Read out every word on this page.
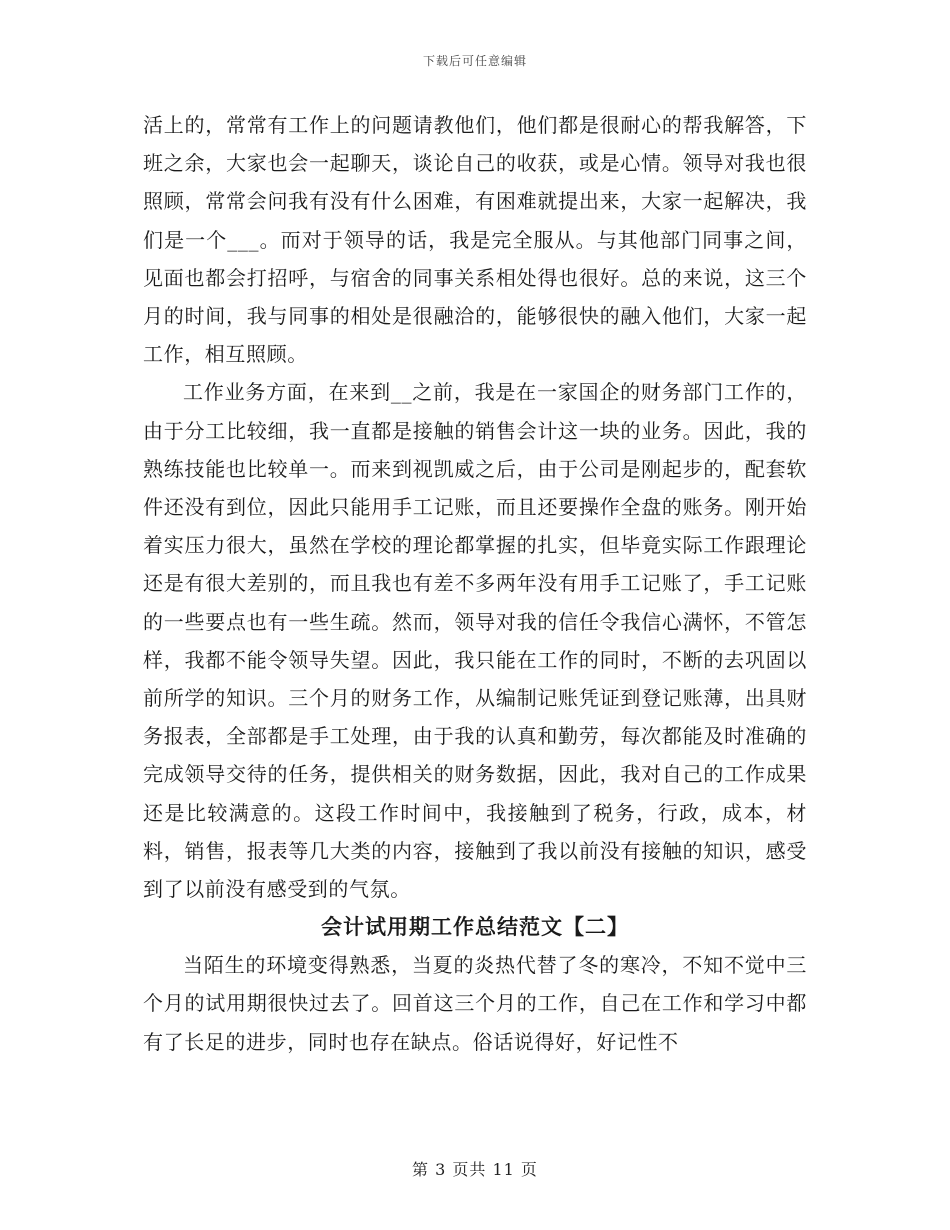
下载后可任意编辑

活上的，常常有工作上的问题请教他们，他们都是很耐心的帮我解答，下班之余，大家也会一起聊天，谈论自己的收获，或是心情。领导对我也很照顾，常常会问我有没有什么困难，有困难就提出来，大家一起解决，我们是一个___。而对于领导的话，我是完全服从。与其他部门同事之间，见面也都会打招呼，与宿舍的同事关系相处得也很好。总的来说，这三个月的时间，我与同事的相处是很融洽的，能够很快的融入他们，大家一起工作，相互照顾。

工作业务方面，在来到__之前，我是在一家国企的财务部门工作的，由于分工比较细，我一直都是接触的销售会计这一块的业务。因此，我的熟练技能也比较单一。而来到视凯威之后，由于公司是刚起步的，配套软件还没有到位，因此只能用手工记账，而且还要操作全盘的账务。刚开始着实压力很大，虽然在学校的理论都掌握的扎实，但毕竟实际工作跟理论还是有很大差别的，而且我也有差不多两年没有用手工记账了，手工记账的一些要点也有一些生疏。然而，领导对我的信任令我信心满怀，不管怎样，我都不能令领导失望。因此，我只能在工作的同时，不断的去巩固以前所学的知识。三个月的财务工作，从编制记账凭证到登记账薄，出具财务报表，全部都是手工处理，由于我的认真和勤劳，每次都能及时准确的完成领导交待的任务，提供相关的财务数据，因此，我对自己的工作成果还是比较满意的。这段工作时间中，我接触到了税务，行政，成本，材料，销售，报表等几大类的内容，接触到了我以前没有接触的知识，感受到了以前没有感受到的气氛。

会计试用期工作总结范文【二】

当陌生的环境变得熟悉，当夏的炎热代替了冬的寒冷，不知不觉中三个月的试用期很快过去了。回首这三个月的工作，自己在工作和学习中都有了长足的进步，同时也存在缺点。俗话说得好，好记性不

第 3 页共 11 页
